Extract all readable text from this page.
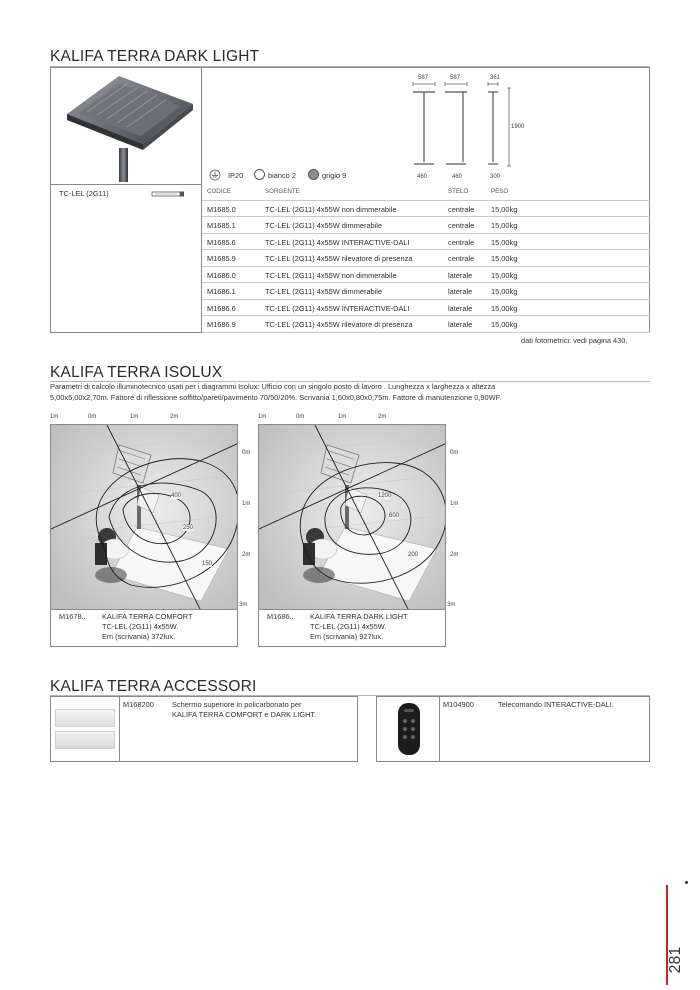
KALIFA TERRA DARK LIGHT
TC-LEL (2G11)
587	587	361
1900
460	460	300
IP20	bianco 2	grigio 9
CODICE	SORGENTE	STELO	PESO
M1685.0	TC-LEL (2G11) 4x55W non dimmerabile	centrale 15,00kg
M1685.1	TC-LEL (2G11) 4x55W dimmerabile	centrale 15,00kg
M1685.6	TC-LEL (2G11) 4x55W INTERACTIVE-DALI	centrale 15,00kg
M1685.9	TC-LEL (2G11) 4x55W rilevatore di presenza	centrale 15,00kg
M1686.0	TC-LEL (2G11) 4x55W non dimmerabile	laterale	15,00kg
M1686.1	TC-LEL (2G11) 4x55W dimmerabile	laterale	15,00kg
M1686.6	TC-LEL (2G11) 4x55W INTERACTIVE-DALI	laterale	15,00kg
M1686.9	TC-LEL (2G11) 4x55W rilevatore di presenza	laterale	15,00kg
dati fotometrici: vedi pagina 430.
KALIFA TERRA ISOLUX
Parametri di calcolo illuminotecnico usati per i diagrammi Isolux: Ufficio con un singolo posto di lavoro . Lunghezza x larghezza x altezza
5,00x5,00x2,70m. Fattore di riflessione soffitto/pareti/pavimento 70/50/20%. Scrivania 1,60x0,80x0,75m. Fattore di manutenzione 0,90WF.
1m	0m	1m	2m
0m
1m
2m
3m
400
250
150
M1678.. KALIFA TERRA COMFORT
TC-LEL (2G11) 4x55W.
Em (scrivania) 372lux.
1m	0m	1m	2m
0m
1m
2m
3m
1200
600
200
M1686.. KALIFA TERRA DARK LIGHT
TC-LEL (2G11) 4x55W.
Em (scrivania) 927lux.
KALIFA TERRA ACCESSORI
M168200 Schermo superiore in policarbonato per
KALIFA TERRA COMFORT e DARK LIGHT.
M104900	Telecomando INTERACTIVE-DALI.
281
